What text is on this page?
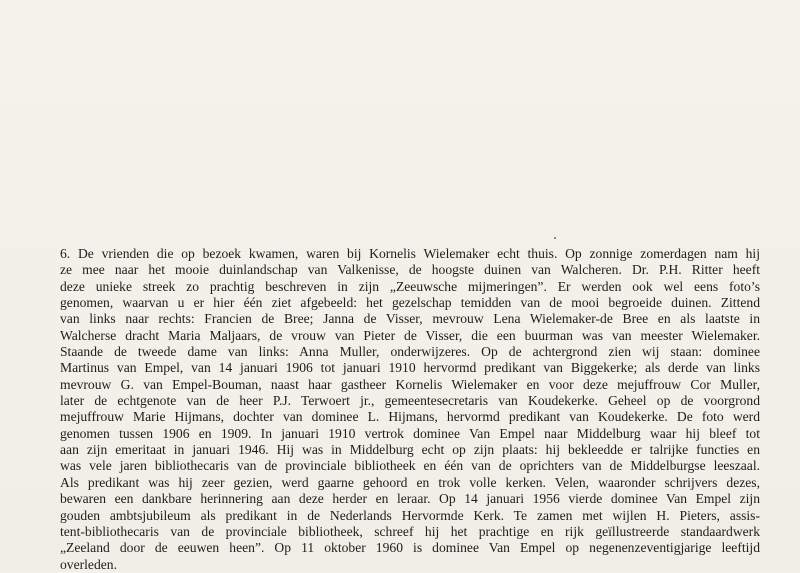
6. De vrienden die op bezoek kwamen, waren bij Kornelis Wielemaker echt thuis. Op zonnige zomerdagen nam hij
ze mee naar het mooie duinlandschap van Valkenisse, de hoogste duinen van Walcheren. Dr. P.H. Ritter heeft
deze unieke streek zo prachtig beschreven in zijn „Zeeuwsche mijmeringen”. Er werden ook wel eens foto’s
genomen, waarvan u er hier één ziet afgebeeld: het gezelschap temidden van de mooi begroeide duinen. Zittend
van links naar rechts: Francien de Bree; Janna de Visser, mevrouw Lena Wielemaker-de Bree en als laatste in
Walcherse dracht Maria Maljaars, de vrouw van Pieter de Visser, die een buurman was van meester Wielemaker.
Staande de tweede dame van links: Anna Muller, onderwijzeres. Op de achtergrond zien wij staan: dominee
Martinus van Empel, van 14 januari 1906 tot januari 1910 hervormd predikant van Biggekerke; als derde van links
mevrouw G. van Empel-Bouman, naast haar gastheer Kornelis Wielemaker en voor deze mejuffrouw Cor Muller,
later de echtgenote van de heer P.J. Terwoert jr., gemeentesecretaris van Koudekerke. Geheel op de voorgrond
mejuffrouw Marie Hijmans, dochter van dominee L. Hijmans, hervormd predikant van Koudekerke. De foto werd
genomen tussen 1906 en 1909. In januari 1910 vertrok dominee Van Empel naar Middelburg waar hij bleef tot
aan zijn emeritaat in januari 1946. Hij was in Middelburg echt op zijn plaats: hij bekleedde er talrijke functies en
was vele jaren bibliothecaris van de provinciale bibliotheek en één van de oprichters van de Middelburgse leeszaal.
Als predikant was hij zeer gezien, werd gaarne gehoord en trok volle kerken. Velen, waaronder schrijvers dezes,
bewaren een dankbare herinnering aan deze herder en leraar. Op 14 januari 1956 vierde dominee Van Empel zijn
gouden ambtsjubileum als predikant in de Nederlands Hervormde Kerk. Te zamen met wijlen H. Pieters, assis-
tent-bibliothecaris van de provinciale bibliotheek, schreef hij het prachtige en rijk geïllustreerde standaardwerk
„Zeeland door de eeuwen heen”. Op 11 oktober 1960 is dominee Van Empel op negenenzeventigjarige leeftijd
overleden.
